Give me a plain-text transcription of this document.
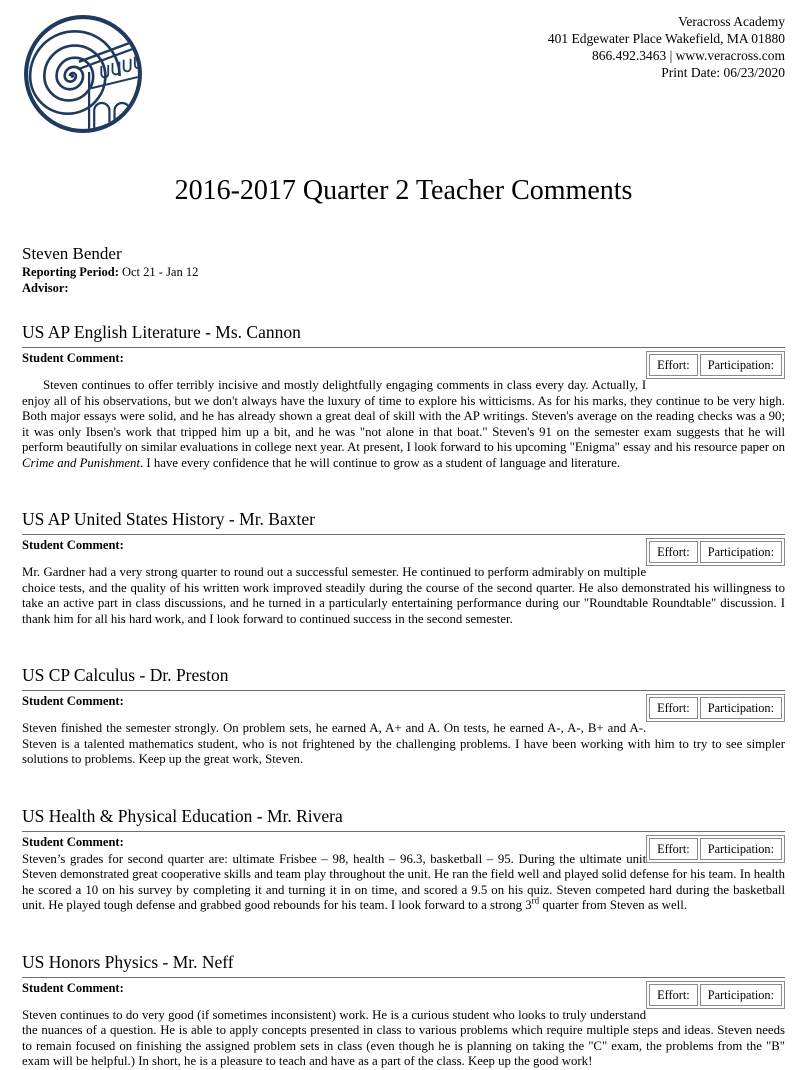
Veracross Academy
401 Edgewater Place Wakefield, MA 01880
866.492.3463 | www.veracross.com
Print Date: 06/23/2020
2016-2017 Quarter 2 Teacher Comments
Steven Bender
Reporting Period: Oct 21 - Jan 12
Advisor:
US AP English Literature - Ms. Cannon
Effort:	Participation:
Student Comment:

Steven continues to offer terribly incisive and mostly delightfully engaging comments in class every day. Actually, I enjoy all of his observations, but we don't always have the luxury of time to explore his witticisms. As for his marks, they continue to be very high. Both major essays were solid, and he has already shown a great deal of skill with the AP writings. Steven's average on the reading checks was a 90; it was only Ibsen's work that tripped him up a bit, and he was "not alone in that boat." Steven's 91 on the semester exam suggests that he will perform beautifully on similar evaluations in college next year. At present, I look forward to his upcoming "Enigma" essay and his resource paper on Crime and Punishment. I have every confidence that he will continue to grow as a student of language and literature.

US AP United States History - Mr. Baxter
Effort:	Participation:
Student Comment:

Mr. Gardner had a very strong quarter to round out a successful semester. He continued to perform admirably on multiple choice tests, and the quality of his written work improved steadily during the course of the second quarter. He also demonstrated his willingness to take an active part in class discussions, and he turned in a particularly entertaining performance during our "Roundtable Roundtable" discussion. I thank him for all his hard work, and I look forward to continued success in the second semester.

US CP Calculus - Dr. Preston
Effort:	Participation:
Student Comment:

Steven finished the semester strongly. On problem sets, he earned A, A+ and A. On tests, he earned A-, A-, B+ and A-. Steven is a talented mathematics student, who is not frightened by the challenging problems. I have been working with him to try to see simpler solutions to problems. Keep up the great work, Steven.

US Health & Physical Education - Mr. Rivera
Effort:	Participation:
Student Comment:

Steven’s grades for second quarter are: ultimate Frisbee – 98, health – 96.3, basketball – 95. During the ultimate unit Steven demonstrated great cooperative skills and team play throughout the unit. He ran the field well and played solid defense for his team. In health he scored a 10 on his survey by completing it and turning it in on time, and scored a 9.5 on his quiz. Steven competed hard during the basketball unit. He played tough defense and grabbed good rebounds for his team. I look forward to a strong 3rd quarter from Steven as well.

US Honors Physics - Mr. Neff
Effort:	Participation:
Student Comment:

Steven continues to do very good (if sometimes inconsistent) work. He is a curious student who looks to truly understand the nuances of a question. He is able to apply concepts presented in class to various problems which require multiple steps and ideas. Steven needs to remain focused on finishing the assigned problem sets in class (even though he is planning on taking the "C" exam, the problems from the "B" exam will be helpful.) In short, he is a pleasure to teach and have as a part of the class. Keep up the good work!
